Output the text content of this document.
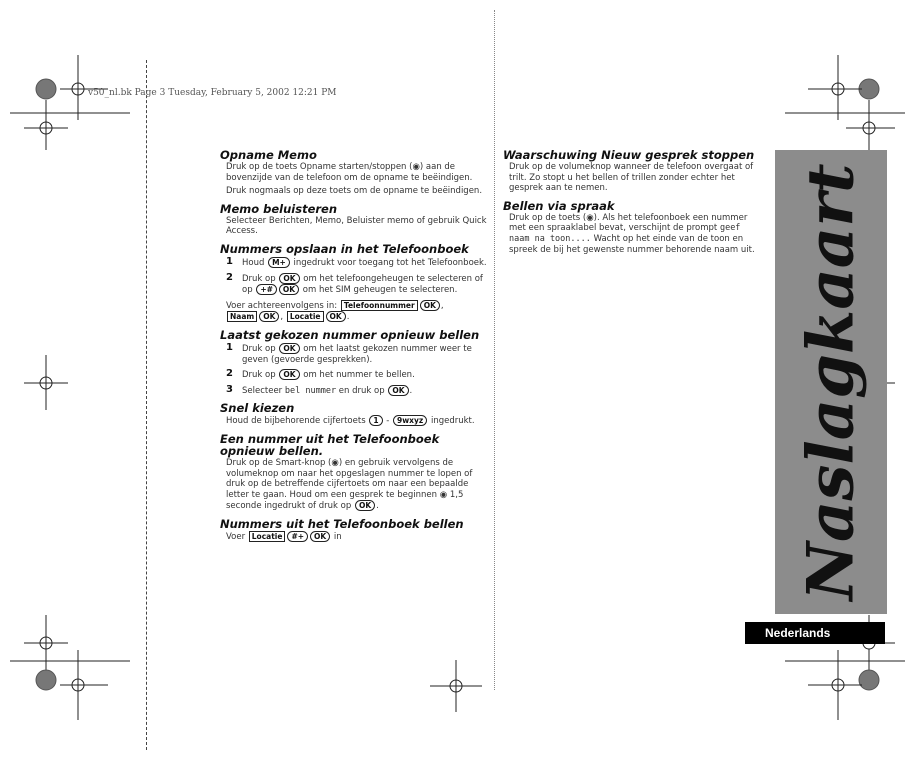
v50_nl.bk Page 3 Tuesday, February 5, 2002 12:21 PM
Opname Memo

Druk op de toets Opname starten/stoppen (◉) aan de bovenzijde van de telefoon om de opname te beëindigen.

Druk nogmaals op deze toets om de opname te beëindigen.

Memo beluisteren

Selecteer Berichten, Memo, Beluister memo of gebruik Quick Access.

Nummers opslaan in het Telefoonboek
1 Houd M+ ingedrukt voor toegang tot het Telefoonboek.
2 Druk op OK om het telefoongeheugen te selecteren of op +# OK om het SIM geheugen te selecteren.

Voer achtereenvolgens in: Telefoonnummer OK ,
Naam OK , Locatie OK .

Laatst gekozen nummer opnieuw bellen
1 Druk op OK om het laatst gekozen nummer weer te geven (gevoerde gesprekken).
2 Druk op OK om het nummer te bellen.
3 Selecteer bel nummer en druk op OK .
Snel kiezen

Houd de bijbehorende cijfertoets 1 - 9wxyz ingedrukt.

Een nummer uit het Telefoonboek opnieuw bellen.

Druk op de Smart-knop (◉) en gebruik vervolgens de volumeknop om naar het opgeslagen nummer te lopen of druk op de betreffende cijfertoets om naar een bepaalde letter te gaan. Houd om een gesprek te beginnen ◉ 1,5 seconde ingedrukt of druk op OK .

Nummers uit het Telefoonboek bellen

Voer Locatie #+ OK in

Waarschuwing Nieuw gesprek stoppen

Druk op de volumeknop wanneer de telefoon overgaat of trilt. Zo stopt u het bellen of trillen zonder echter het gesprek aan te nemen.

Bellen via spraak

Druk op de toets (◉). Als het telefoonboek een nummer met een spraaklabel bevat, verschijnt de prompt geef naam na toon.... Wacht op het einde van de toon en spreek de bij het gewenste nummer behorende naam uit. Naslagkaart
Nederlands
